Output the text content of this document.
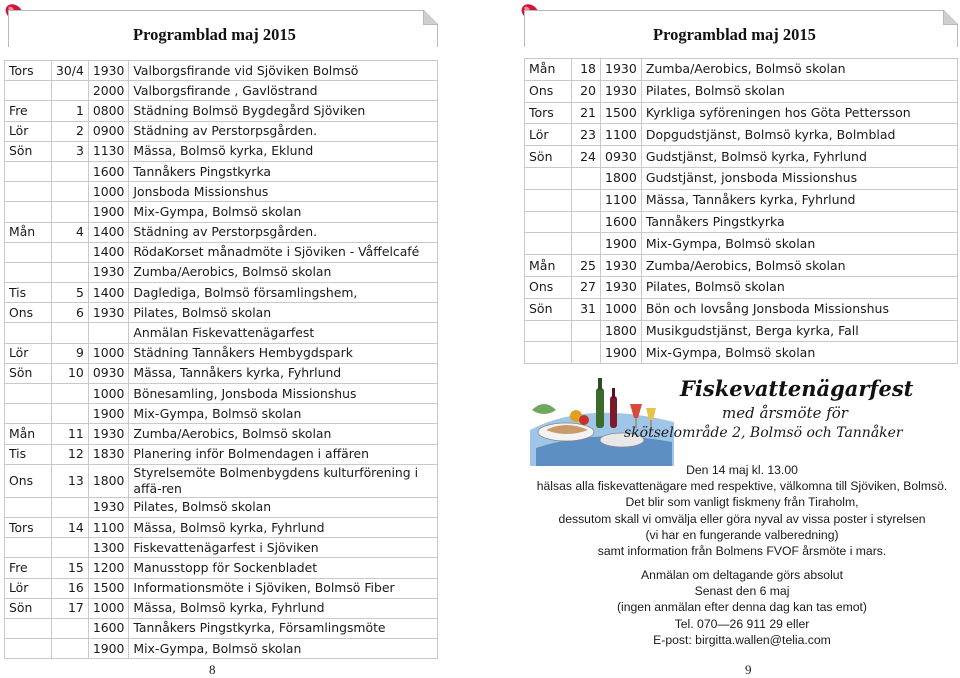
Programblad maj 2015	Programblad maj 2015
Tors	30/4	1930	Valborgsfirande vid Sjöviken Bolmsö
		2000	Valborgsfirande , Gavlöstrand
Fre	1	0800	Städning Bolmsö Bygdegård Sjöviken
Lör	2	0900	Städning av Perstorpsgården.
Sön	3	1130	Mässa, Bolmsö kyrka, Eklund
		1600	Tannåkers Pingstkyrka
		1000	Jonsboda Missionshus
		1900	Mix-Gympa, Bolmsö skolan
Mån	4	1400	Städning av Perstorpsgården.
		1400	RödaKorset månadmöte i Sjöviken - Våffelcafé
		1930	Zumba/Aerobics, Bolmsö skolan
Tis	5	1400	Daglediga, Bolmsö församlingshem,
Ons	6	1930	Pilates, Bolmsö skolan
			Anmälan Fiskevattenägarfest
Lör	9	1000	Städning Tannåkers Hembygdspark
Sön	10	0930	Mässa, Tannåkers kyrka, Fyhrlund
		1000	Bönesamling, Jonsboda Missionshus
		1900	Mix-Gympa, Bolmsö skolan
Mån	11	1930	Zumba/Aerobics, Bolmsö skolan
Tis	12	1830	Planering inför Bolmendagen i affären
Ons	13	1800	Styrelsemöte Bolmenbygdens kulturförening i affä-ren
		1930	Pilates, Bolmsö skolan
Tors	14	1100	Mässa, Bolmsö kyrka, Fyhrlund
		1300	Fiskevattenägarfest i Sjöviken
Fre	15	1200	Manusstopp för Sockenbladet
Lör	16	1500	Informationsmöte i Sjöviken, Bolmsö Fiber
Sön	17	1000	Mässa, Bolmsö kyrka, Fyhrlund
		1600	Tannåkers Pingstkyrka, Församlingsmöte
		1900	Mix-Gympa, Bolmsö skolan
Mån	18	1930	Zumba/Aerobics, Bolmsö skolan
Ons	20	1930	Pilates, Bolmsö skolan
Tors	21	1500	Kyrkliga syföreningen hos Göta Pettersson
Lör	23	1100	Dopgudstjänst, Bolmsö kyrka, Bolmblad
Sön	24	0930	Gudstjänst, Bolmsö kyrka, Fyhrlund
		1800	Gudstjänst, jonsboda Missionshus
		1100	Mässa, Tannåkers kyrka, Fyhrlund
		1600	Tannåkers Pingstkyrka
		1900	Mix-Gympa, Bolmsö skolan
Mån	25	1930	Zumba/Aerobics, Bolmsö skolan
Ons	27	1930	Pilates, Bolmsö skolan
Sön	31	1000	Bön och lovsång Jonsboda Missionshus
		1800	Musikgudstjänst, Berga kyrka, Fall
		1900	Mix-Gympa, Bolmsö skolan
Fiskevattenägarfest
med årsmöte för
skötselområde 2, Bolmsö och Tannåker
Den 14 maj kl. 13.00
hälsas alla fiskevattenägare med respektive, välkomna till Sjöviken, Bolmsö.
Det blir som vanligt fiskmeny från Tiraholm,
dessutom skall vi omvälja eller göra nyval av vissa poster i styrelsen
(vi har en fungerande valberedning)
samt information från Bolmens FVOF årsmöte i mars.
Anmälan om deltagande görs absolut
Senast den 6 maj
(ingen anmälan efter denna dag kan tas emot)
Tel. 070—26 911 29 eller
E-post: birgitta.wallen@telia.com
8	9
